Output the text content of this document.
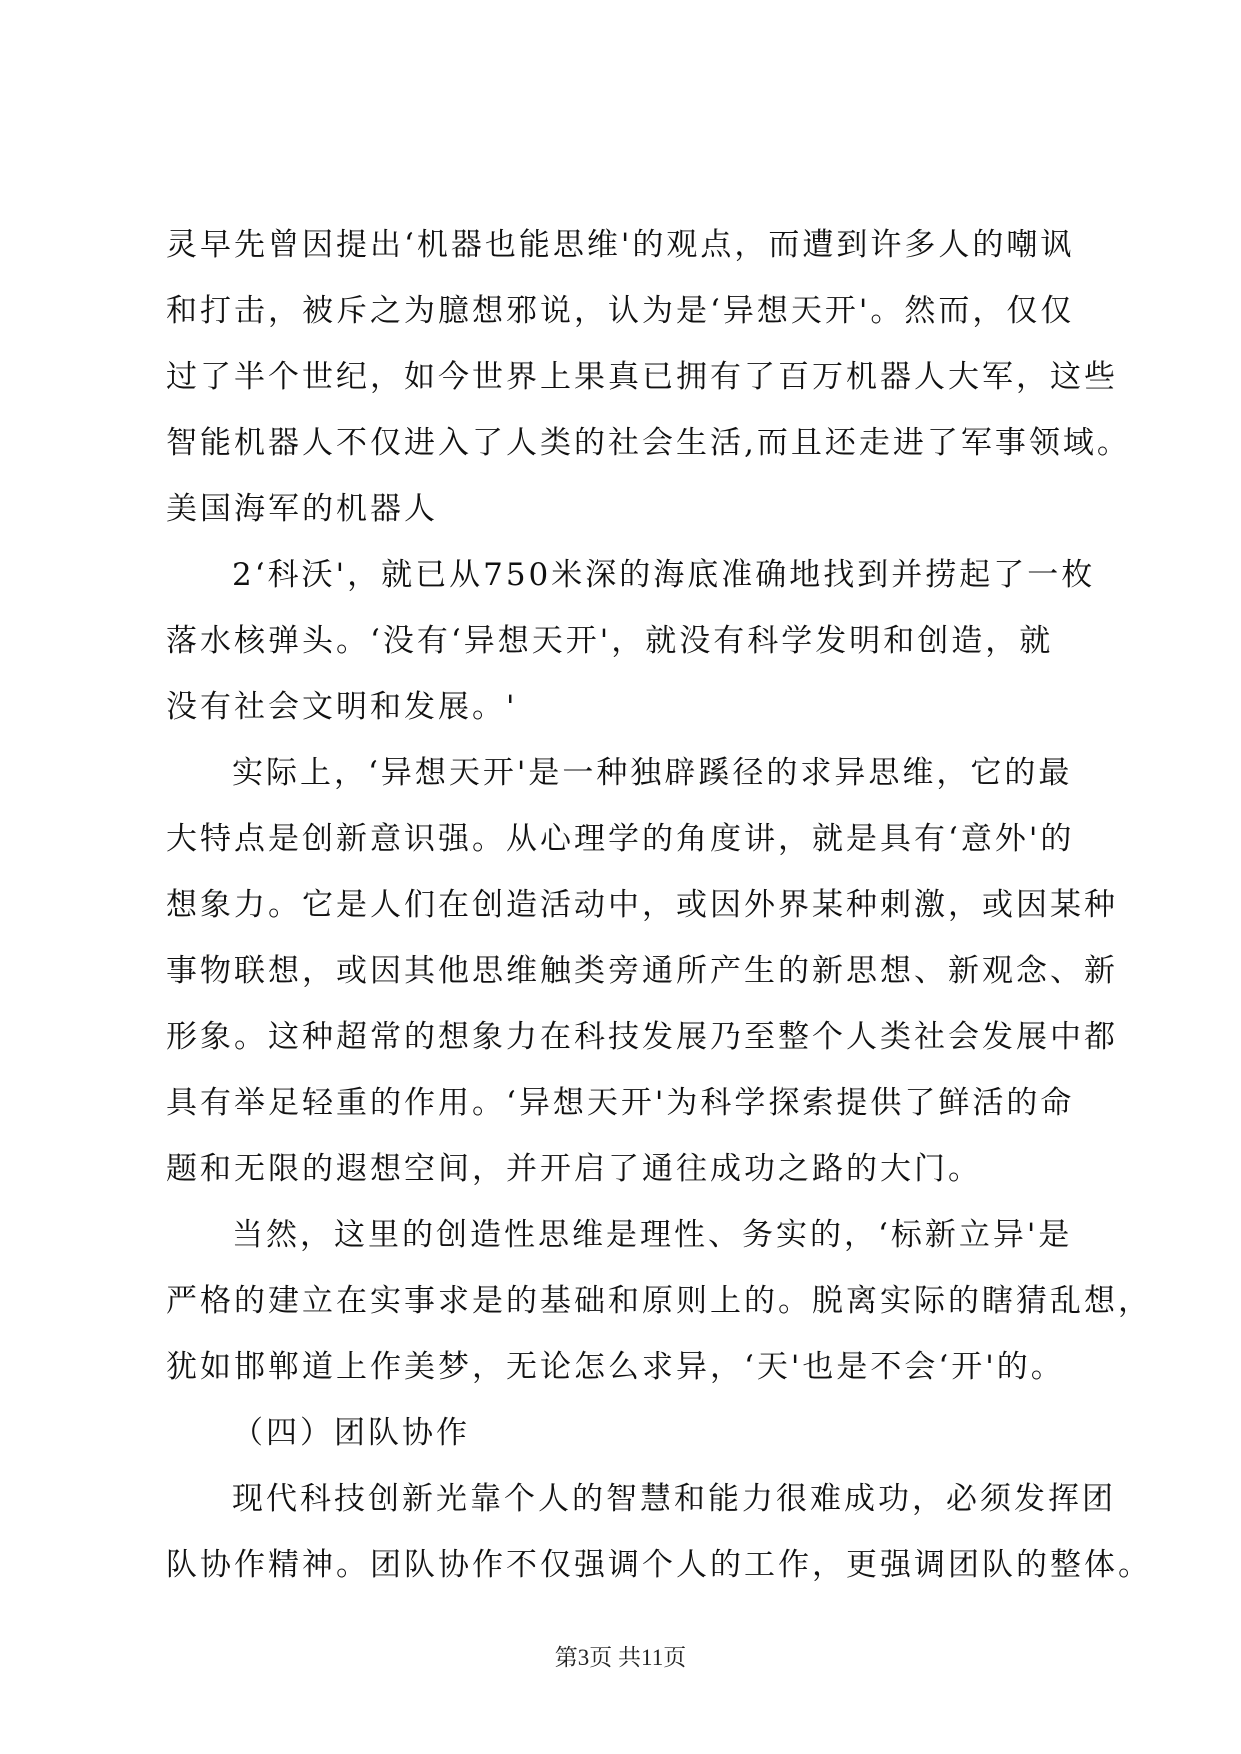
灵早先曾因提出‘机器也能思维'的观点，而遭到许多人的嘲讽
和打击，被斥之为臆想邪说，认为是‘异想天开'。然而，仅仅
过了半个世纪，如今世界上果真已拥有了百万机器人大军，这些
智能机器人不仅进入了人类的社会生活,而且还走进了军事领域。
美国海军的机器人
2‘科沃'，就已从750米深的海底准确地找到并捞起了一枚
落水核弹头。‘没有‘异想天开'，就没有科学发明和创造，就
没有社会文明和发展。'
实际上，‘异想天开'是一种独辟蹊径的求异思维，它的最
大特点是创新意识强。从心理学的角度讲，就是具有‘意外'的
想象力。它是人们在创造活动中，或因外界某种刺激，或因某种
事物联想，或因其他思维触类旁通所产生的新思想、新观念、新
形象。这种超常的想象力在科技发展乃至整个人类社会发展中都
具有举足轻重的作用。‘异想天开'为科学探索提供了鲜活的命
题和无限的遐想空间，并开启了通往成功之路的大门。
当然，这里的创造性思维是理性、务实的，‘标新立异'是
严格的建立在实事求是的基础和原则上的。脱离实际的瞎猜乱想，
犹如邯郸道上作美梦，无论怎么求异，‘天'也是不会‘开'的。
（四）团队协作
现代科技创新光靠个人的智慧和能力很难成功，必须发挥团
队协作精神。团队协作不仅强调个人的工作，更强调团队的整体。
第3页 共11页
